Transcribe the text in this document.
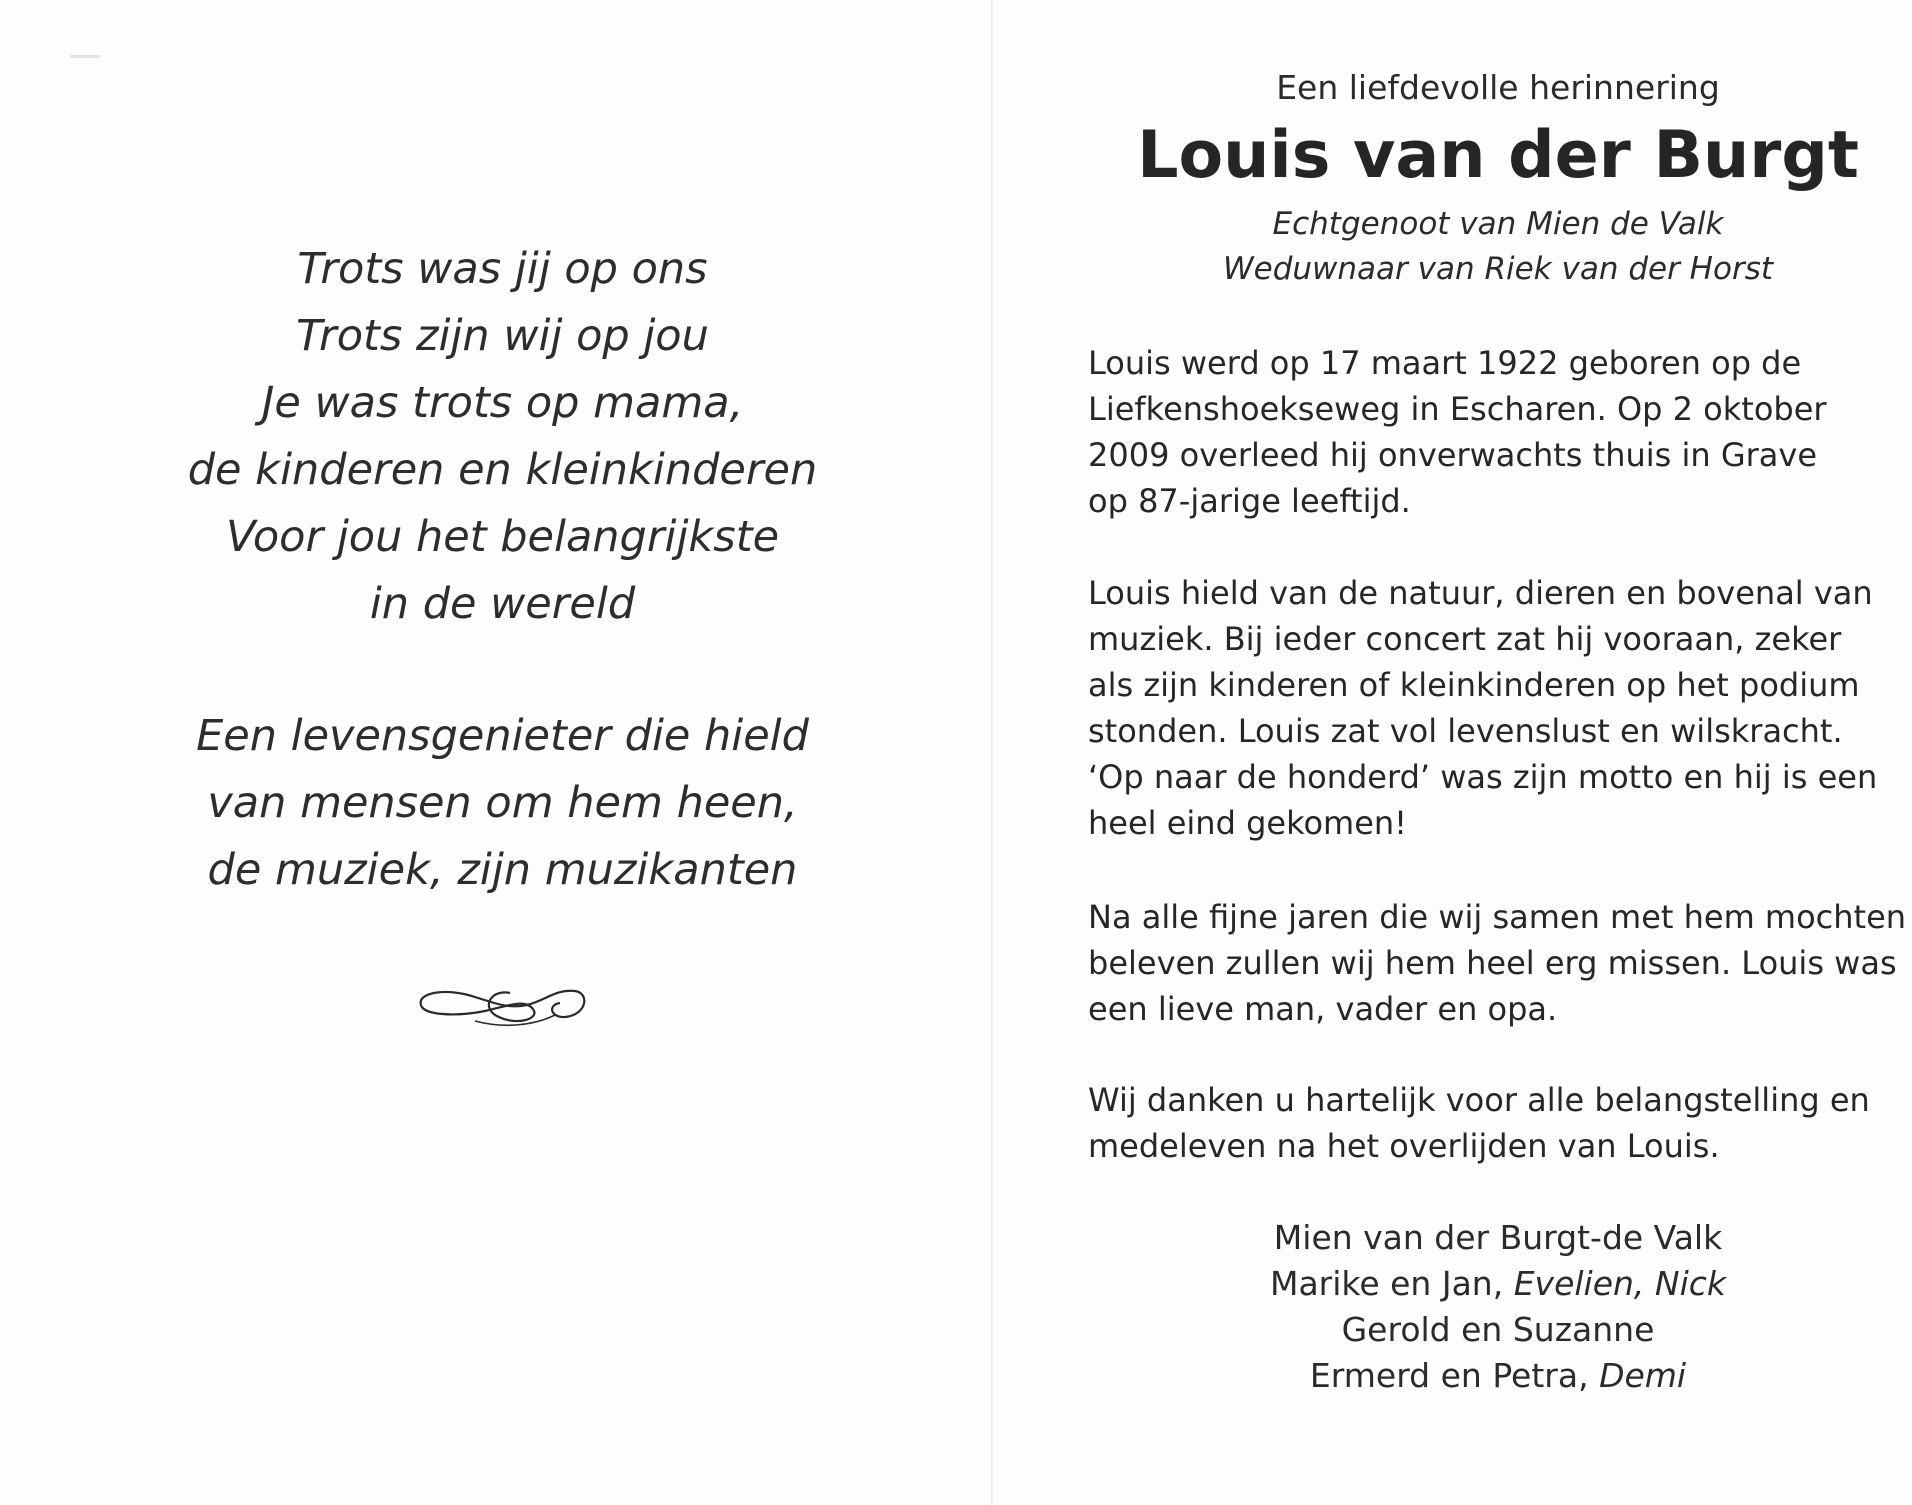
Trots was jij op ons
Trots zijn wij op jou
Je was trots op mama,
de kinderen en kleinkinderen
Voor jou het belangrijkste
in de wereld
Een levensgenieter die hield
van mensen om hem heen,
de muziek, zijn muzikanten
Een liefdevolle herinnering
Louis van der Burgt
Echtgenoot van Mien de Valk
Weduwnaar van Riek van der Horst
Louis werd op 17 maart 1922 geboren op de
Liefkenshoekseweg in Escharen. Op 2 oktober
2009 overleed hij onverwachts thuis in Grave
op 87-jarige leeftijd.
Louis hield van de natuur, dieren en bovenal van
muziek. Bij ieder concert zat hij vooraan, zeker
als zijn kinderen of kleinkinderen op het podium
stonden. Louis zat vol levenslust en wilskracht.
‘Op naar de honderd’ was zijn motto en hij is een
heel eind gekomen!
Na alle fijne jaren die wij samen met hem mochten
beleven zullen wij hem heel erg missen. Louis was
een lieve man, vader en opa.
Wij danken u hartelijk voor alle belangstelling en
medeleven na het overlijden van Louis.
Mien van der Burgt-de Valk
Marike en Jan, Evelien, Nick
Gerold en Suzanne
Ermerd en Petra, Demi
